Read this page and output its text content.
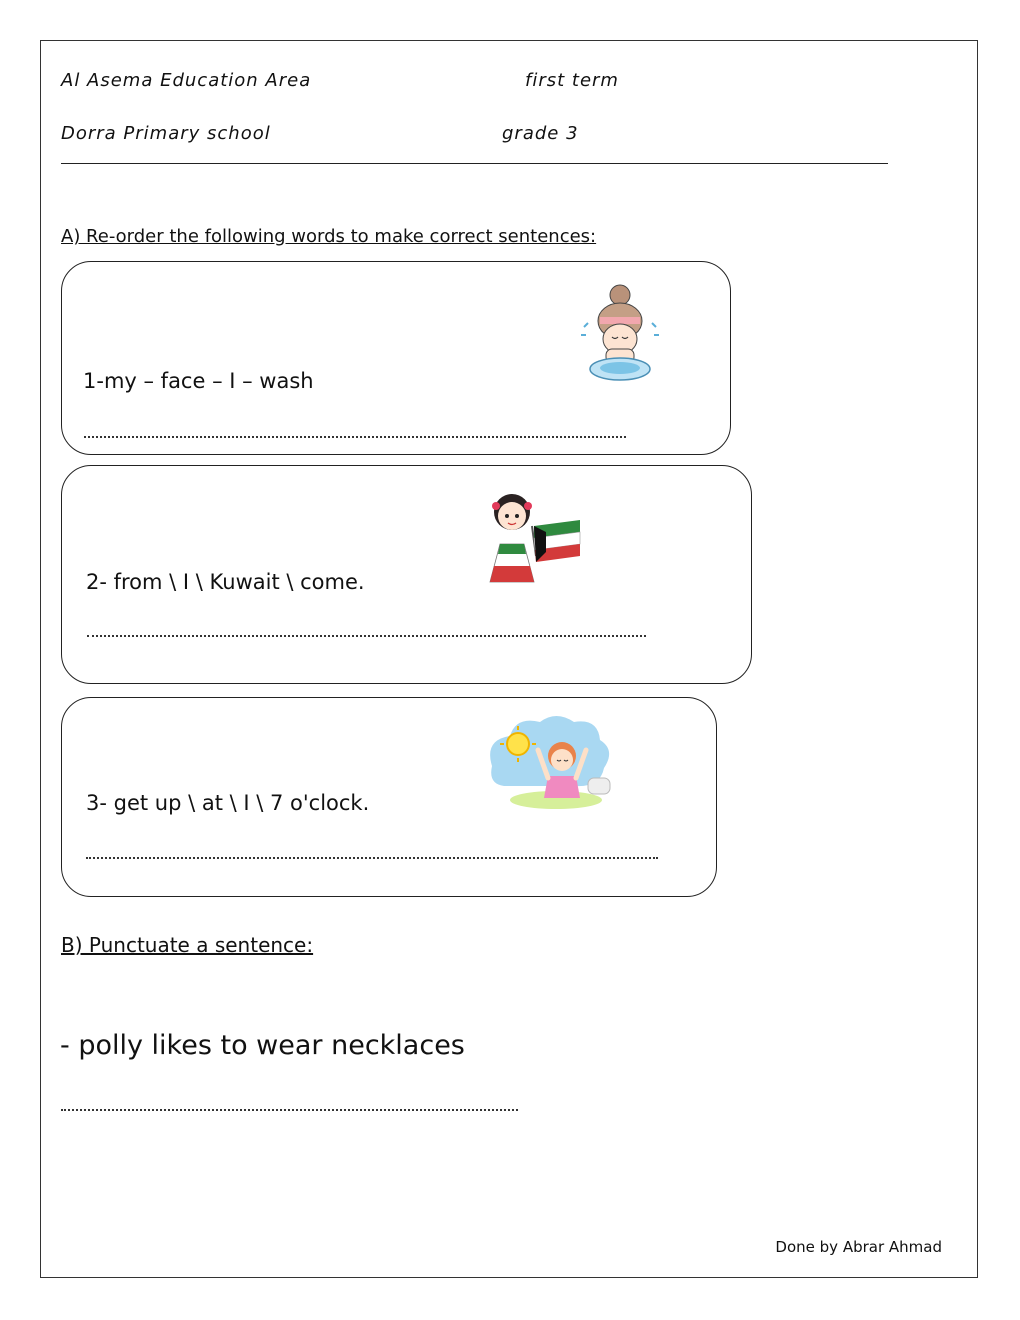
Al Asema Education Area	first term
Dorra Primary school	grade 3
A) Re-order the following words to make correct sentences:
1-my – face – I – wash
2- from \ I \ Kuwait \ come.
3- get up \ at \ I \ 7 o'clock.
B) Punctuate a sentence:
- polly likes to wear necklaces
Done by Abrar Ahmad
